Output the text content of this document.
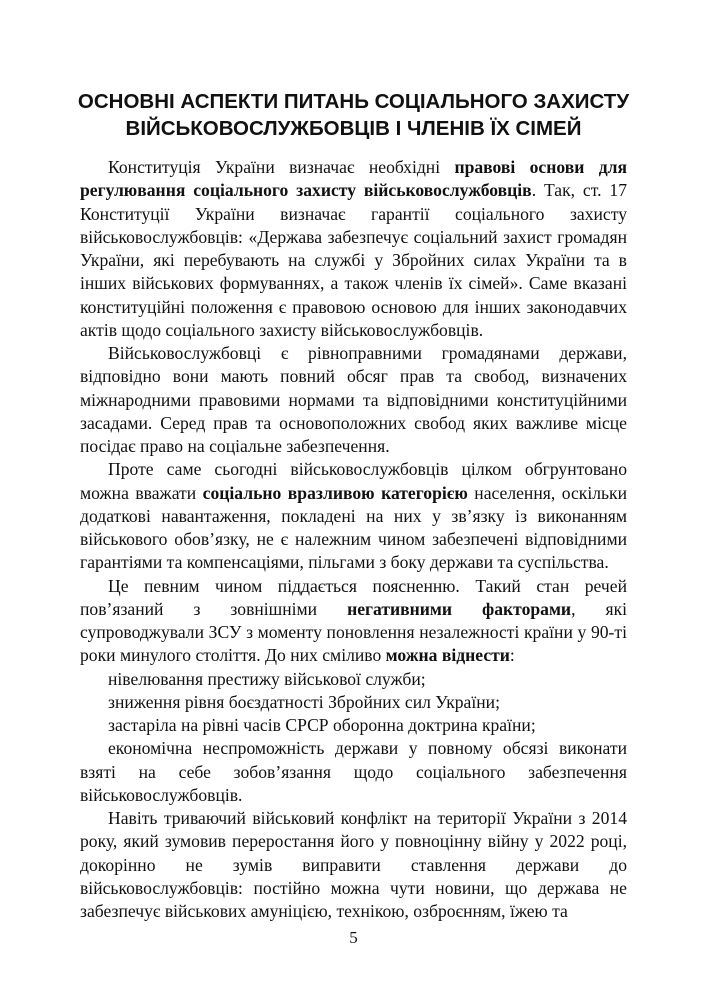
ОСНОВНІ АСПЕКТИ ПИТАНЬ СОЦІАЛЬНОГО ЗАХИСТУ
ВІЙСЬКОВОСЛУЖБОВЦІВ І ЧЛЕНІВ ЇХ СІМЕЙ

Конституція України визначає необхідні правові основи для регулювання соціального захисту військовослужбовців. Так, ст. 17 Конституції України визначає гарантії соціального захисту військовослужбовців: «Держава забезпечує соціальний захист громадян України, які перебувають на службі у Збройних силах України та в інших військових формуваннях, а також членів їх сімей». Саме вказані конституційні положення є правовою основою для інших законодавчих актів щодо соціального захисту військовослужбовців.

Військовослужбовці є рівноправними громадянами держави, відповідно вони мають повний обсяг прав та свобод, визначених міжнародними правовими нормами та відповідними конституційними засадами. Серед прав та основоположних свобод яких важливе місце посідає право на соціальне забезпечення.

Проте саме сьогодні військовослужбовців цілком обгрунтовано можна вважати соціально вразливою категорією населення, оскільки додаткові навантаження, покладені на них у зв’язку із виконанням військового обов’язку, не є належним чином забезпечені відповідними гарантіями та компенсаціями, пільгами з боку держави та суспільства.

Це певним чином піддається поясненню. Такий стан речей пов’язаний з зовнішніми негативними факторами, які супроводжували ЗСУ з моменту поновлення незалежності країни у 90-ті роки минулого століття. До них сміливо можна віднести:

нівелювання престижу військової служби;

зниження рівня боєздатності Збройних сил України;

застаріла на рівні часів СРСР оборонна доктрина країни;

економічна неспроможність держави у повному обсязі виконати взяті на себе зобов’язання щодо соціального забезпечення військовослужбовців.

Навіть триваючий військовий конфлікт на території України з 2014 року, який зумовив переростання його у повноцінну війну у 2022 році, докорінно не зумів виправити ставлення держави до військовослужбовців: постійно можна чути новини, що держава не забезпечує військових амуніцією, технікою, озброєнням, їжею та

5
